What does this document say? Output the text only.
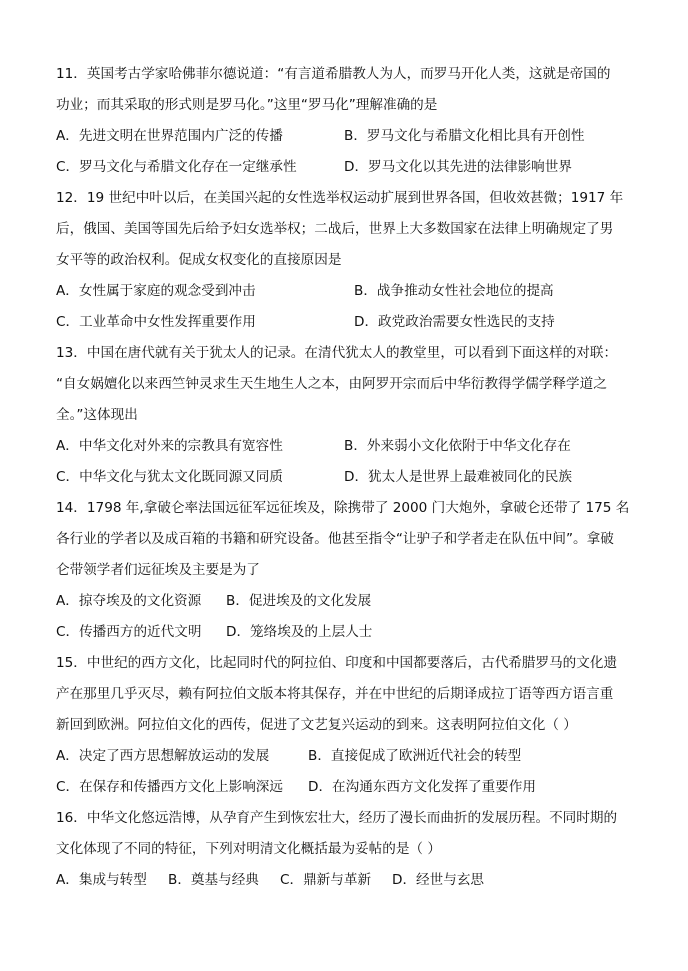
11．英国考古学家哈佛菲尔德说道：“有言道希腊教人为人，而罗马开化人类，这就是帝国的
功业；而其采取的形式则是罗马化。”这里“罗马化”理解准确的是
A．先进文明在世界范围内广泛的传播	B．罗马文化与希腊文化相比具有开创性
C．罗马文化与希腊文化存在一定继承性	D．罗马文化以其先进的法律影响世界
12．19 世纪中叶以后，在美国兴起的女性选举权运动扩展到世界各国，但收效甚微；1917 年
后，俄国、美国等国先后给予妇女选举权；二战后，世界上大多数国家在法律上明确规定了男
女平等的政治权利。促成女权变化的直接原因是
A．女性属于家庭的观念受到冲击	B．战争推动女性社会地位的提高
C．工业革命中女性发挥重要作用	D．政党政治需要女性选民的支持
13．中国在唐代就有关于犹太人的记录。在清代犹太人的教堂里，可以看到下面这样的对联：
“自女娲嬗化以来西竺钟灵求生天生地生人之本，由阿罗开宗而后中华衍教得学儒学释学道之
全。”这体现出
A．中华文化对外来的宗教具有宽容性	B．外来弱小文化依附于中华文化存在
C．中华文化与犹太文化既同源又同质	D．犹太人是世界上最难被同化的民族
14．1798 年,拿破仑率法国远征军远征埃及，除携带了 2000 门大炮外，拿破仑还带了 175 名
各行业的学者以及成百箱的书籍和研究设备。他甚至指令“让驴子和学者走在队伍中间”。拿破
仑带领学者们远征埃及主要是为了
A．掠夺埃及的文化资源	B．促进埃及的文化发展
C．传播西方的近代文明	D．笼络埃及的上层人士
15．中世纪的西方文化，比起同时代的阿拉伯、印度和中国都要落后，古代希腊罗马的文化遗
产在那里几乎灭尽，赖有阿拉伯文版本将其保存，并在中世纪的后期译成拉丁语等西方语言重
新回到欧洲。阿拉伯文化的西传，促进了文艺复兴运动的到来。这表明阿拉伯文化（ ）
A．决定了西方思想解放运动的发展	B．直接促成了欧洲近代社会的转型
C．在保存和传播西方文化上影响深远	D．在沟通东西方文化发挥了重要作用
16．中华文化悠远浩博，从孕育产生到恢宏壮大，经历了漫长而曲折的发展历程。不同时期的
文化体现了不同的特征，下列对明清文化概括最为妥帖的是（ ）
A．集成与转型	B．奠基与经典	C．鼎新与革新	D．经世与玄思
